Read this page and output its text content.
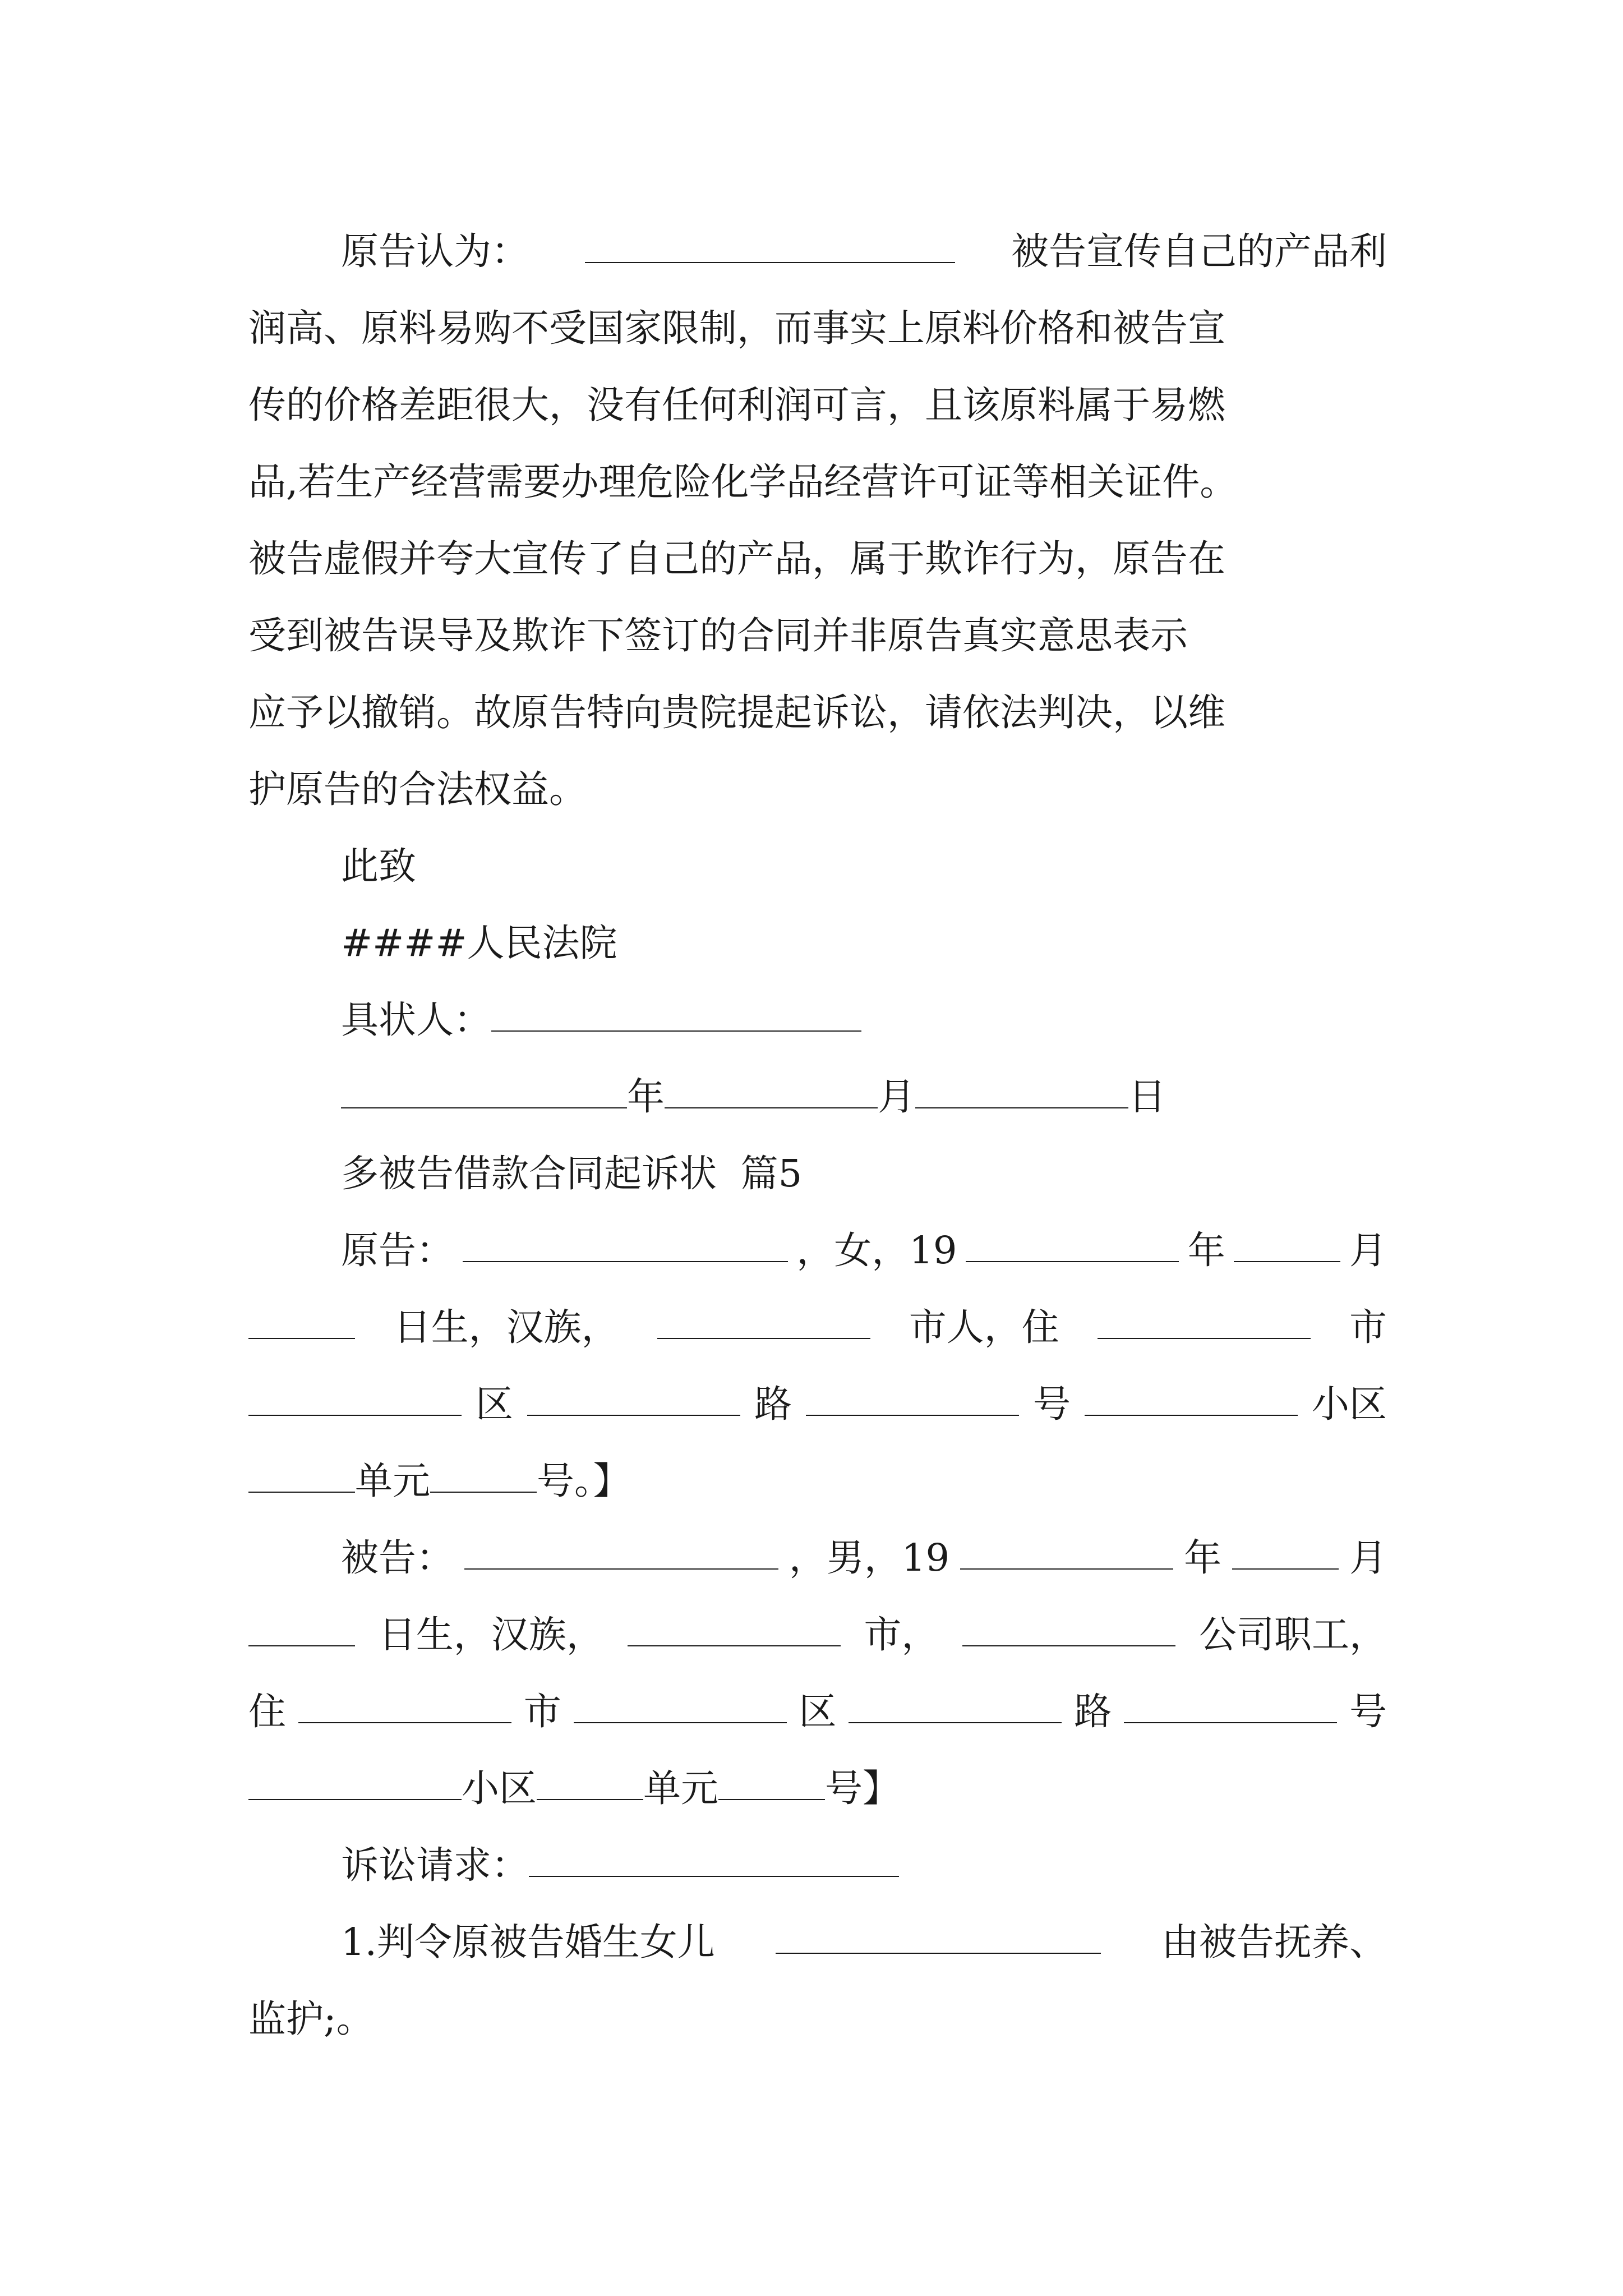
原告认为：	被告宣传自己的产品利
润高、原料易购不受国家限制，而事实上原料价格和被告宣
传的价格差距很大，没有任何利润可言，且该原料属于易燃
品,若生产经营需要办理危险化学品经营许可证等相关证件。
被告虚假并夸大宣传了自己的产品，属于欺诈行为，原告在
受到被告误导及欺诈下签订的合同并非原告真实意思表示
应予以撤销。故原告特向贵院提起诉讼，请依法判决，以维
护原告的合法权益。
此致
####人民法院
具状人：
年	月	日
多被告借款合同起诉状  篇5
原告：	，女，19	年	月
日生，汉族，	市人，住	市
区	路	号	小区
单元	号。】
被告：	，男，19	年	月
日生，汉族，	市，	公司职工，
住	市	区	路	号
小区	单元	号】
诉讼请求：
1.判令原被告婚生女儿	由被告抚养、
监护;。
